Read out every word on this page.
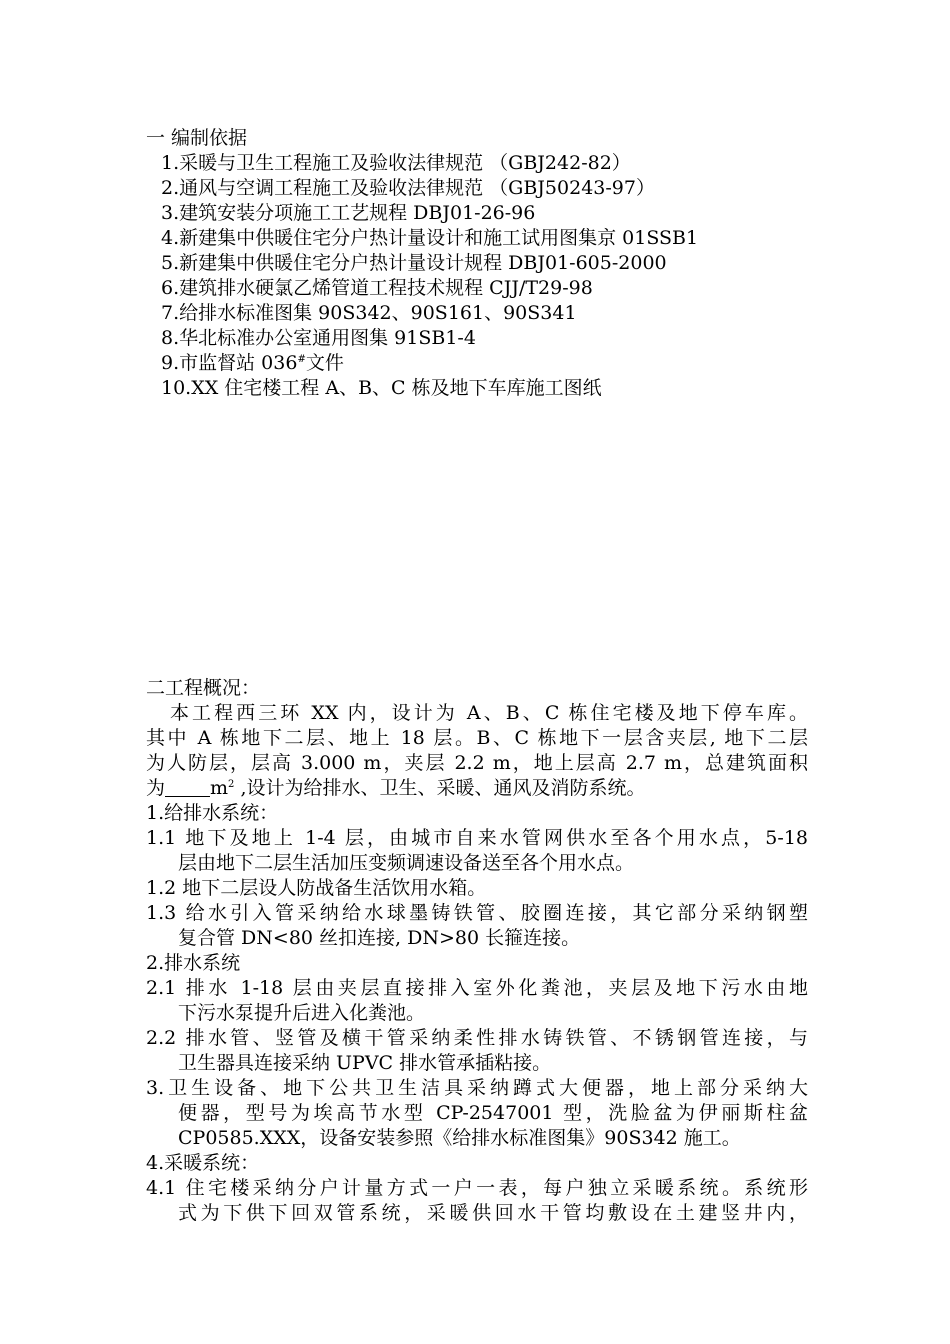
一 编制依据
1.采暖与卫生工程施工及验收法律规范 （GBJ242-82）
2.通风与空调工程施工及验收法律规范 （GBJ50243-97）
3.建筑安装分项施工工艺规程 DBJ01-26-96
4.新建集中供暖住宅分户热计量设计和施工试用图集京 01SSB1
5.新建集中供暖住宅分户热计量设计规程 DBJ01-605-2000
6.建筑排水硬氯乙烯管道工程技术规程 CJJ/T29-98
7.给排水标准图集 90S342、90S161、90S341
8.华北标准办公室通用图集 91SB1-4
9.市监督站 036#文件
10.XX 住宅楼工程 A、B、C 栋及地下车库施工图纸
二工程概况：
本工程西三环 XX 内，设计为 A、B、C 栋住宅楼及地下停车库。
其中 A 栋地下二层、地上 18 层。B、C 栋地下一层含夹层, 地下二层
为人防层，层高 3.000 m，夹层 2.2 m，地上层高 2.7 m，总建筑面积
为 $m^2$ ,设计为给排水、卫生、采暖、通风及消防系统。
1.给排水系统：
1.1 地下及地上 1-4 层，由城市自来水管网供水至各个用水点，5-18
层由地下二层生活加压变频调速设备送至各个用水点。
1.2 地下二层设人防战备生活饮用水箱。
1.3 给水引入管采纳给水球墨铸铁管、胶圈连接，其它部分采纳钢塑
复合管 DN<80 丝扣连接, DN>80 长箍连接。
2.排水系统
2.1 排水 1-18 层由夹层直接排入室外化粪池，夹层及地下污水由地
下污水泵提升后进入化粪池。
2.2 排水管、竖管及横干管采纳柔性排水铸铁管、不锈钢管连接，与
卫生器具连接采纳 UPVC 排水管承插粘接。
3.卫生设备、地下公共卫生洁具采纳蹲式大便器，地上部分采纳大
便器，型号为埃高节水型 CP-2547001 型，洗脸盆为伊丽斯柱盆
CP0585.XXX，设备安装参照《给排水标准图集》90S342 施工。
4.采暖系统：
4.1 住宅楼采纳分户计量方式一户一表，每户独立采暖系统。系统形
式为下供下回双管系统，采暖供回水干管均敷设在土建竖井内，
